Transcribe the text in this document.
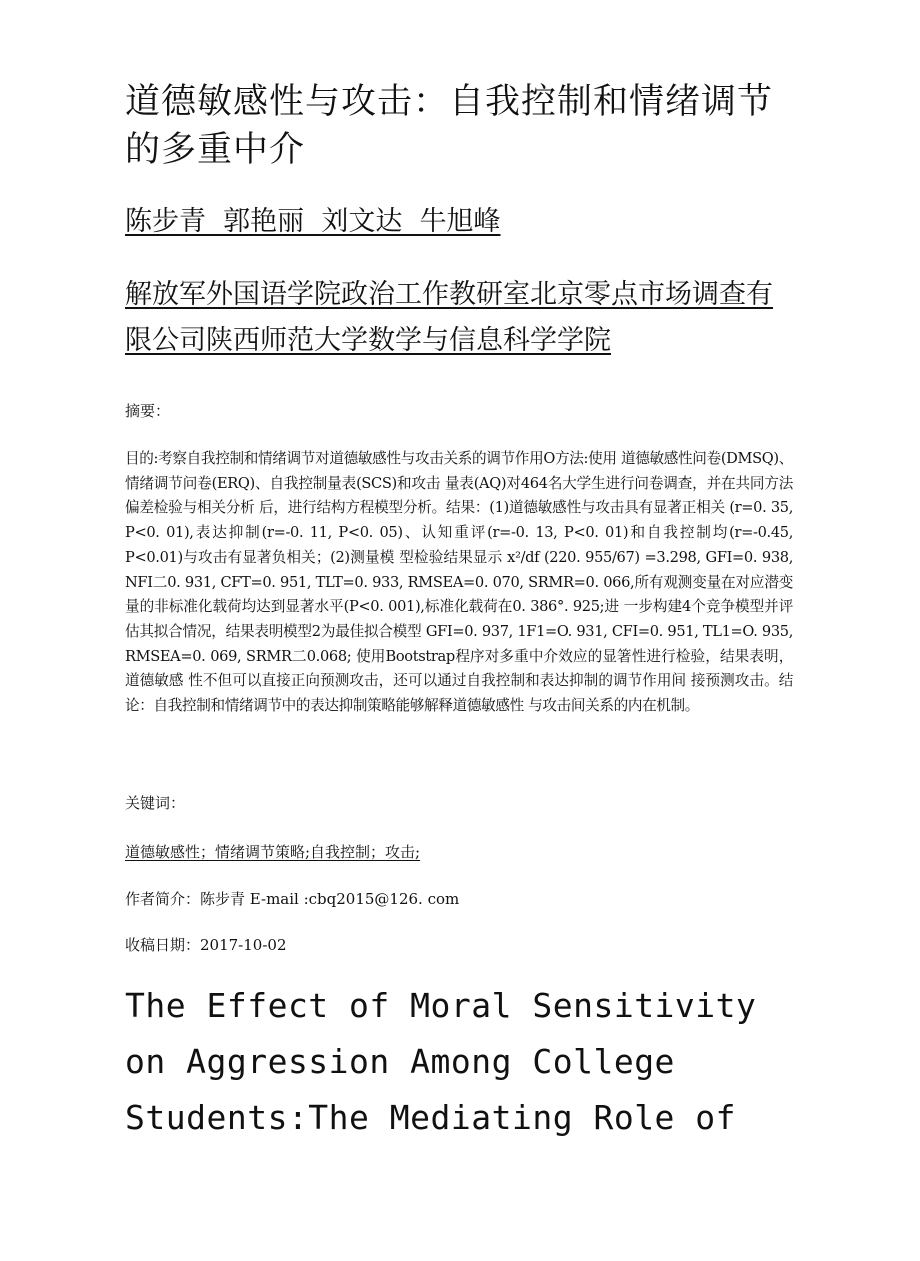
道德敏感性与攻击：自我控制和情绪调节的多重中介
陈步青  郭艳丽  刘文达  牛旭峰
解放军外国语学院政治工作教研室北京零点市场调查有限公司陕西师范大学数学与信息科学学院
摘要：
目的:考察自我控制和情绪调节对道德敏感性与攻击关系的调节作用O方法:使用 道德敏感性问卷(DMSQ)、情绪调节问卷(ERQ)、自我控制量表(SCS)和攻击 量表(AQ)对464名大学生进行问卷调查，并在共同方法偏差检验与相关分析 后，进行结构方程模型分析。结果：(1)道德敏感性与攻击具有显著正相关 (r=0. 35, P<0. 01),表达抑制(r=-0. 11, P<0. 05)、认知重评(r=-0. 13, P<0. 01)和自我控制均(r=-0.45, P<0.01)与攻击有显著负相关；(2)测量模 型检验结果显示 x²/df (220. 955/67) =3.298, GFI=0. 938, NFI二0. 931, CFT=0. 951, TLT=0. 933, RMSEA=0. 070, SRMR=0. 066,所有观测变量在对应潜变 量的非标准化载荷均达到显著水平(P<0. 001),标准化载荷在0. 386°. 925;进 一步构建4个竞争模型并评估其拟合情况，结果表明模型2为最佳拟合模型 GFI=0. 937, 1F1=O. 931, CFI=0. 951, TL1=O. 935, RMSEA=0. 069, SRMR二0.068; 使用Bootstrap程序对多重中介效应的显箸性进行检验，结果表明，道德敏感 性不但可以直接正向预测攻击，还可以通过自我控制和表达抑制的调节作用间 接预测攻击。结论：自我控制和情绪调节中的表达抑制策略能够解释道德敏感性 与攻击间关系的内在机制。
关键词：
道德敏感性；情绪调节策略;自我控制；攻击;
作者简介：陈步青 E-mail :cbq2015@126. com
收稿日期：2017-10-02
The Effect of Moral Sensitivity on Aggression Among College Students:The Mediating Role of
